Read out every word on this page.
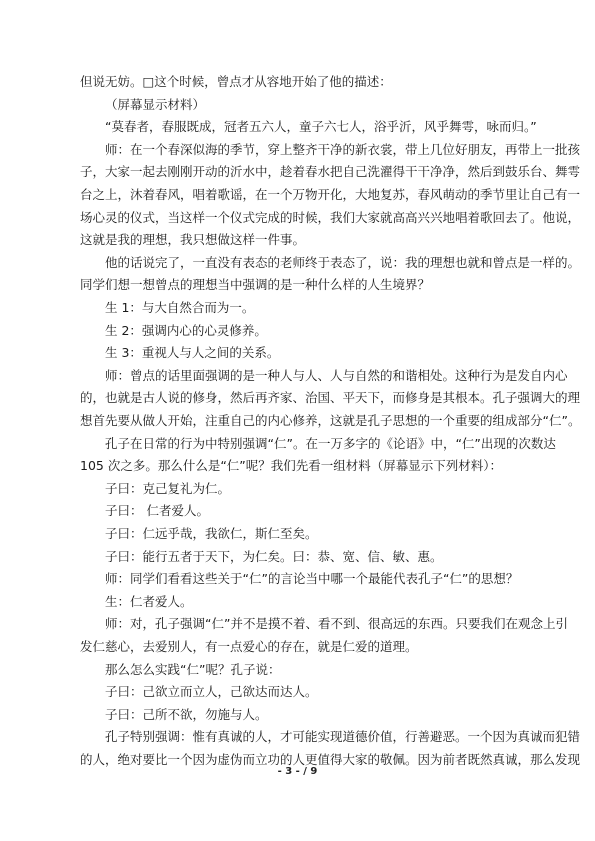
但说无妨。□这个时候，曾点才从容地开始了他的描述：
（屏幕显示材料）
“莫春者，春服既成，冠者五六人，童子六七人，浴乎沂，风乎舞雩，咏而归。”
师：在一个春深似海的季节，穿上整齐干净的新衣裳，带上几位好朋友，再带上一批孩
子，大家一起去刚刚开动的沂水中，趁着春水把自己洗濯得干干净净，然后到鼓乐台、舞雩
台之上，沐着春风，唱着歌谣，在一个万物开化，大地复苏，春风萌动的季节里让自己有一
场心灵的仪式，当这样一个仪式完成的时候，我们大家就高高兴兴地唱着歌回去了。他说，
这就是我的理想，我只想做这样一件事。
他的话说完了，一直没有表态的老师终于表态了，说：我的理想也就和曾点是一样的。
同学们想一想曾点的理想当中强调的是一种什么样的人生境界？
生 1：与大自然合而为一。
生 2：强调内心的心灵修养。
生 3：重视人与人之间的关系。
师：曾点的话里面强调的是一种人与人、人与自然的和谐相处。这种行为是发自内心
的，也就是古人说的修身，然后再齐家、治国、平天下，而修身是其根本。孔子强调大的理
想首先要从做人开始，注重自己的内心修养，这就是孔子思想的一个重要的组成部分“仁”。
孔子在日常的行为中特别强调“仁”。在一万多字的《论语》中，“仁”出现的次数达
105 次之多。那么什么是“仁”呢？我们先看一组材料（屏幕显示下列材料）：
子曰：克己复礼为仁。
子曰： 仁者爱人。
子曰：仁远乎哉，我欲仁，斯仁至矣。
子曰：能行五者于天下，为仁矣。曰：恭、宽、信、敏、惠。
师：同学们看看这些关于“仁”的言论当中哪一个最能代表孔子“仁”的思想？
生：仁者爱人。
师：对，孔子强调“仁”并不是摸不着、看不到、很高远的东西。只要我们在观念上引
发仁慈心，去爱别人，有一点爱心的存在，就是仁爱的道理。
那么怎么实践“仁”呢？孔子说：
子曰：己欲立而立人，己欲达而达人。
子曰：己所不欲，勿施与人。
孔子特别强调：惟有真诚的人，才可能实现道德价值，行善避恶。一个因为真诚而犯错
的人，绝对要比一个因为虚伪而立功的人更值得大家的敬佩。因为前者既然真诚，那么发现
- 3 - / 9
